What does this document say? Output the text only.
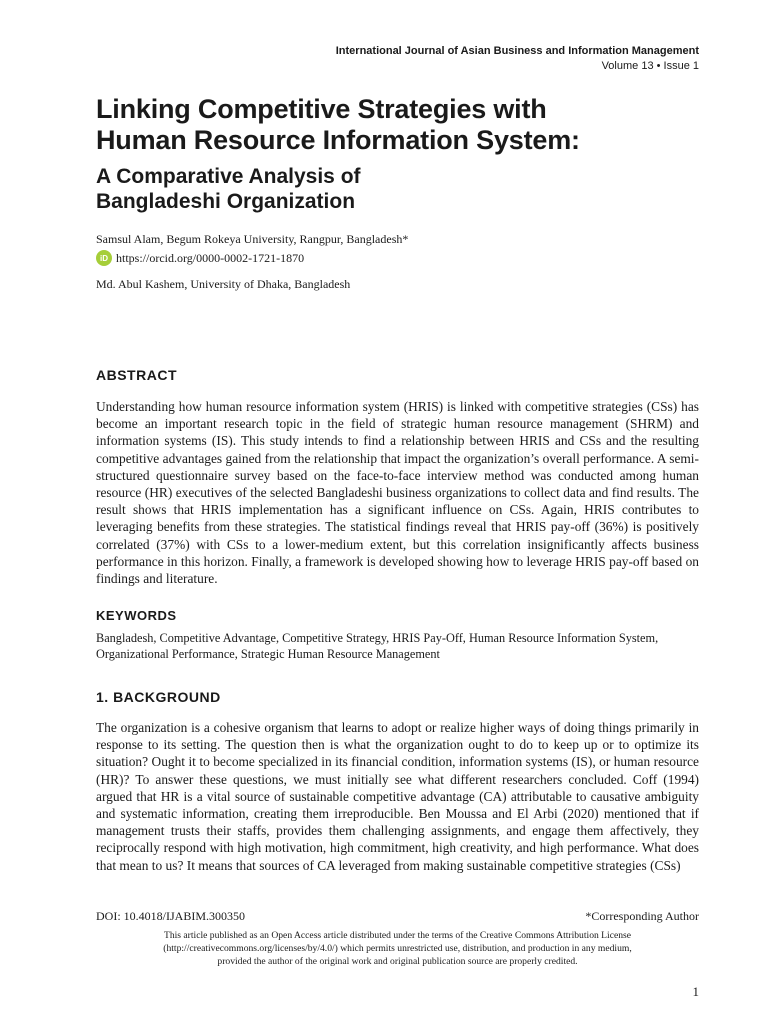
International Journal of Asian Business and Information Management
Volume 13 • Issue 1
Linking Competitive Strategies with
Human Resource Information System:
A Comparative Analysis of
Bangladeshi Organization
Samsul Alam, Begum Rokeya University, Rangpur, Bangladesh*
iD https://orcid.org/0000-0002-1721-1870
Md. Abul Kashem, University of Dhaka, Bangladesh
ABSTRACT

Understanding how human resource information system (HRIS) is linked with competitive strategies (CSs) has become an important research topic in the field of strategic human resource management (SHRM) and information systems (IS). This study intends to find a relationship between HRIS and CSs and the resulting competitive advantages gained from the relationship that impact the organization’s overall performance. A semi-structured questionnaire survey based on the face-to-face interview method was conducted among human resource (HR) executives of the selected Bangladeshi business organizations to collect data and find results. The result shows that HRIS implementation has a significant influence on CSs. Again, HRIS contributes to leveraging benefits from these strategies. The statistical findings reveal that HRIS pay-off (36%) is positively correlated (37%) with CSs to a lower-medium extent, but this correlation insignificantly affects business performance in this horizon. Finally, a framework is developed showing how to leverage HRIS pay-off based on findings and literature.

KEYWORDS

Bangladesh, Competitive Advantage, Competitive Strategy, HRIS Pay-Off, Human Resource Information System, Organizational Performance, Strategic Human Resource Management

1. BACKGROUND

The organization is a cohesive organism that learns to adopt or realize higher ways of doing things primarily in response to its setting. The question then is what the organization ought to do to keep up or to optimize its situation? Ought it to become specialized in its financial condition, information systems (IS), or human resource (HR)? To answer these questions, we must initially see what different researchers concluded. Coff (1994) argued that HR is a vital source of sustainable competitive advantage (CA) attributable to causative ambiguity and systematic information, creating them irreproducible. Ben Moussa and El Arbi (2020) mentioned that if management trusts their staffs, provides them challenging assignments, and engage them affectively, they reciprocally respond with high motivation, high commitment, high creativity, and high performance. What does that mean to us? It means that sources of CA leveraged from making sustainable competitive strategies (CSs)

DOI: 10.4018/IJABIM.300350	*Corresponding Author
This article published as an Open Access article distributed under the terms of the Creative Commons Attribution License
(http://creativecommons.org/licenses/by/4.0/) which permits unrestricted use, distribution, and production in any medium,
provided the author of the original work and original publication source are properly credited.
1
